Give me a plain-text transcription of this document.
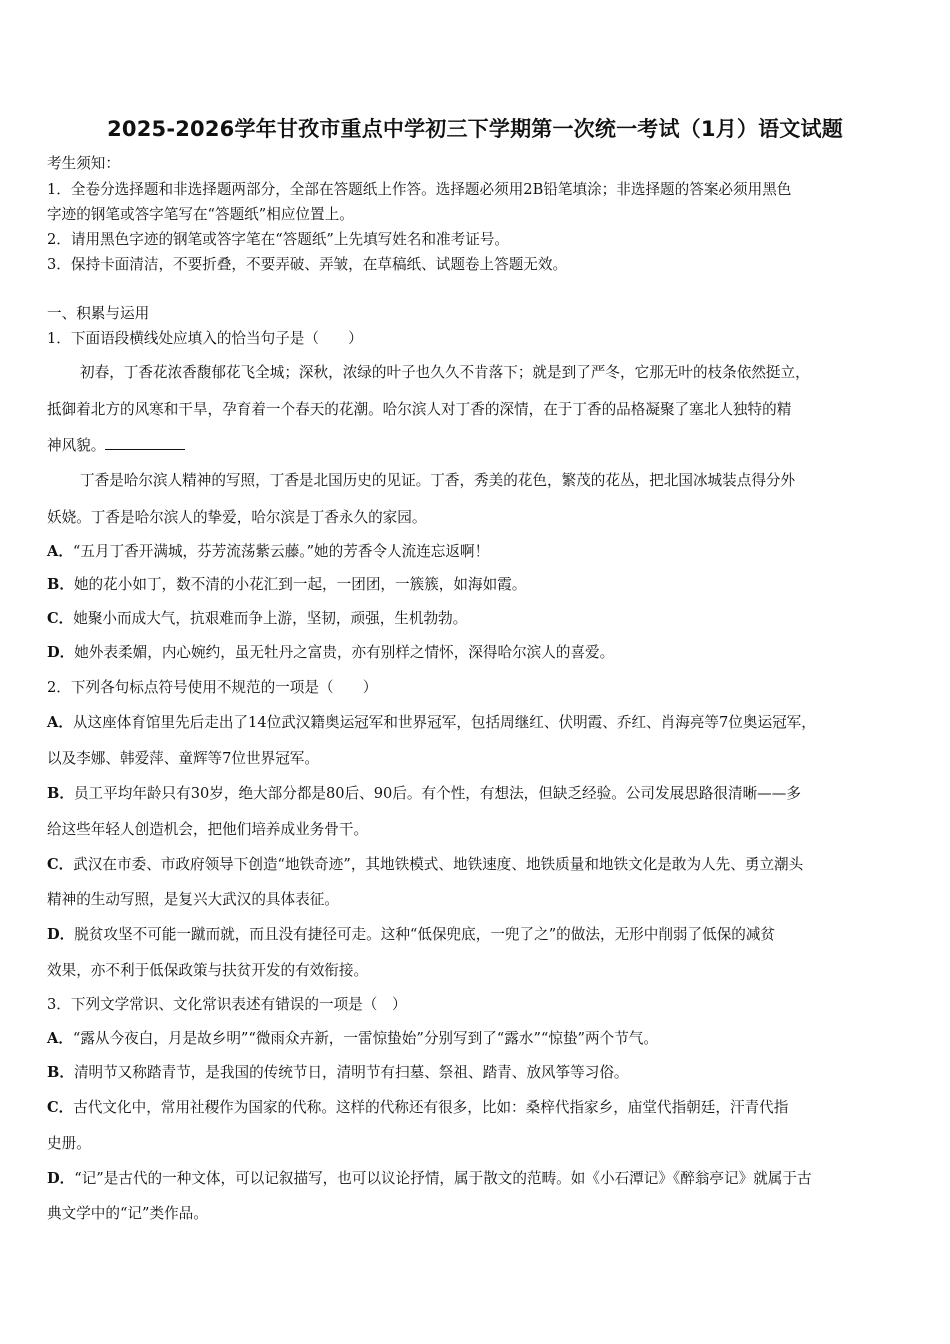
2025-2026学年甘孜市重点中学初三下学期第一次统一考试（1月）语文试题
考生须知：
1．全卷分选择题和非选择题两部分，全部在答题纸上作答。选择题必须用2B铅笔填涂；非选择题的答案必须用黑色
字迹的钢笔或答字笔写在“答题纸”相应位置上。
2．请用黑色字迹的钢笔或答字笔在“答题纸”上先填写姓名和准考证号。
3．保持卡面清洁，不要折叠，不要弄破、弄皱，在草稿纸、试题卷上答题无效。
一、积累与运用
1．下面语段横线处应填入的恰当句子是（　　）
初春，丁香花浓香馥郁花飞全城；深秋，浓绿的叶子也久久不肯落下；就是到了严冬，它那无叶的枝条依然挺立，
抵御着北方的风寒和干旱，孕育着一个春天的花潮。哈尔滨人对丁香的深情，在于丁香的品格凝聚了塞北人独特的精
神风貌。
丁香是哈尔滨人精神的写照，丁香是北国历史的见证。丁香，秀美的花色，繁茂的花丛，把北国冰城装点得分外
妖娆。丁香是哈尔滨人的挚爱，哈尔滨是丁香永久的家园。
A．“五月丁香开满城，芬芳流荡紫云藤。”她的芳香令人流连忘返啊！
B．她的花小如丁，数不清的小花汇到一起，一团团，一簇簇，如海如霞。
C．她聚小而成大气，抗艰难而争上游，坚韧，顽强，生机勃勃。
D．她外表柔媚，内心婉约，虽无牡丹之富贵，亦有别样之情怀，深得哈尔滨人的喜爱。
2．下列各句标点符号使用不规范的一项是（　　）
A．从这座体育馆里先后走出了14位武汉籍奥运冠军和世界冠军，包括周继红、伏明霞、乔红、肖海亮等7位奥运冠军，
以及李娜、韩爱萍、童辉等7位世界冠军。
B．员工平均年龄只有30岁，绝大部分都是80后、90后。有个性，有想法，但缺乏经验。公司发展思路很清晰——多
给这些年轻人创造机会，把他们培养成业务骨干。
C．武汉在市委、市政府领导下创造“地铁奇迹”，其地铁模式、地铁速度、地铁质量和地铁文化是敢为人先、勇立潮头
精神的生动写照，是复兴大武汉的具体表征。
D．脱贫攻坚不可能一蹴而就，而且没有捷径可走。这种“低保兜底，一兜了之”的做法，无形中削弱了低保的减贫
效果，亦不利于低保政策与扶贫开发的有效衔接。
3．下列文学常识、文化常识表述有错误的一项是（　）
A．“露从今夜白，月是故乡明”“微雨众卉新，一雷惊蛰始”分别写到了“露水”“惊蛰”两个节气。
B．清明节又称踏青节，是我国的传统节日，清明节有扫墓、祭祖、踏青、放风筝等习俗。
C．古代文化中，常用社稷作为国家的代称。这样的代称还有很多，比如：桑梓代指家乡，庙堂代指朝廷，汗青代指
史册。
D．“记”是古代的一种文体，可以记叙描写，也可以议论抒情，属于散文的范畴。如《小石潭记》《醉翁亭记》就属于古
典文学中的“记”类作品。
